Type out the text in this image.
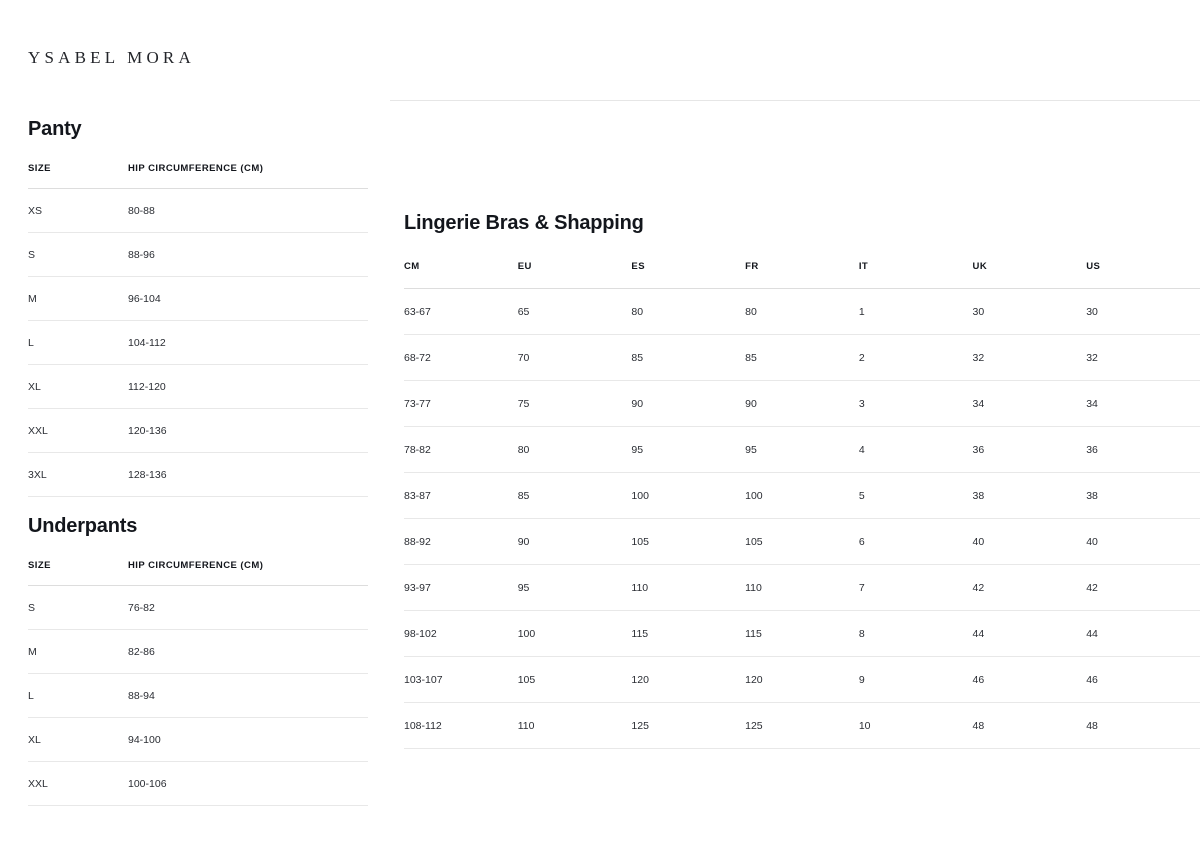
YSABEL MORA
Panty
SIZE	HIP CIRCUMFERENCE (CM)
XS	80-88
S	88-96
M	96-104
L	104-112
XL	112-120
XXL	120-136
3XL	128-136
Underpants
SIZE	HIP CIRCUMFERENCE (CM)
S	76-82
M	82-86
L	88-94
XL	94-100
XXL	100-106
Lingerie Bras & Shapping
CM	EU	ES	FR	IT	UK	US
63-67	65	80	80	1	30	30
68-72	70	85	85	2	32	32
73-77	75	90	90	3	34	34
78-82	80	95	95	4	36	36
83-87	85	100	100	5	38	38
88-92	90	105	105	6	40	40
93-97	95	110	110	7	42	42
98-102	100	115	115	8	44	44
103-107	105	120	120	9	46	46
108-112	110	125	125	10	48	48
